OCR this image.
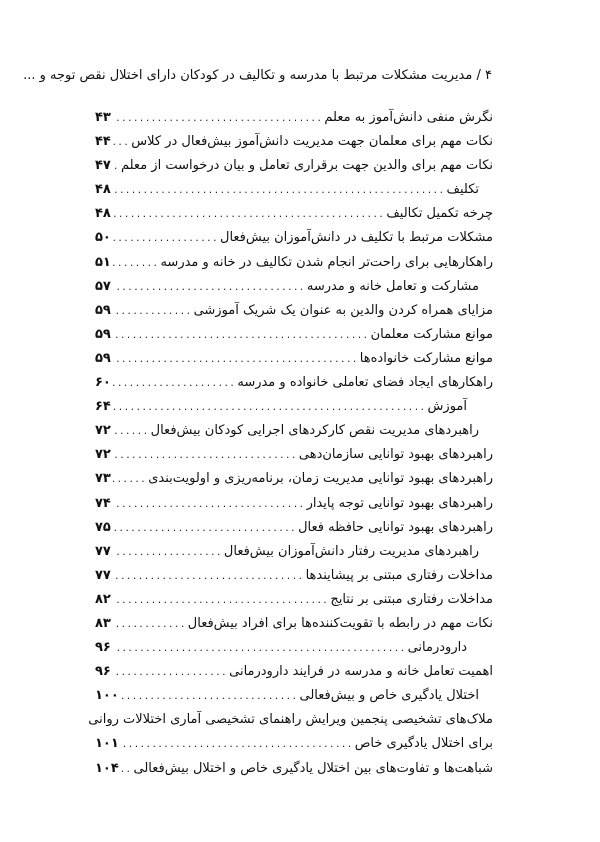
۴ / مدیریت مشکلات مرتبط با مدرسه و تکالیف در کودکان دارای اختلال نقص توجه و ...
نگرش منفی دانش‌آموز به معلم
.....
۴۳
نکات مهم برای معلمان جهت مدیریت دانش‌آموز بیش‌فعال در کلاس
.....
۴۴
نکات مهم برای والدین جهت برقراری تعامل و بیان درخواست از معلم
.....
۴۷
تکلیف
.....
۴۸
چرخه تکمیل تکالیف
.....
۴۸
مشکلات مرتبط با تکلیف در دانش‌آموزان بیش‌فعال
.....
۵۰
راهکارهایی برای راحت‌تر انجام شدن تکالیف در خانه و مدرسه
.....
۵۱
مشارکت و تعامل خانه و مدرسه
.....
۵۷
مزایای همراه کردن والدین به عنوان یک شریک آموزشی
.....
۵۹
موانع مشارکت معلمان
.....
۵۹
موانع مشارکت خانواده‌ها
.....
۵۹
راهکارهای ایجاد فضای تعاملی خانواده و مدرسه
.....
۶۰
آموزش
.....
۶۴
راهبردهای مدیریت نقص کارکردهای اجرایی کودکان بیش‌فعال
.....
۷۲
راهبردهای بهبود توانایی سازمان‌دهی
.....
۷۲
راهبردهای بهبود توانایی مدیریت زمان، برنامه‌ریزی و اولویت‌بندی
.....
۷۳
راهبردهای بهبود توانایی توجه پایدار
.....
۷۴
راهبردهای بهبود توانایی حافظه فعال
.....
۷۵
راهبردهای مدیریت رفتار دانش‌آموزان بیش‌فعال
.....
۷۷
مداخلات رفتاری مبتنی بر پیشایندها
.....
۷۷
مداخلات رفتاری مبتنی بر نتایج
.....
۸۲
نکات مهم در رابطه با تقویت‌کننده‌ها برای افراد بیش‌فعال
.....
۸۳
دارودرمانی
.....
۹۶
اهمیت تعامل خانه و مدرسه در فرایند دارودرمانی
.....
۹۶
اختلال یادگیری خاص و بیش‌فعالی
.....
۱۰۰
ملاک‌های تشخیصی پنجمین ویرایش راهنمای تشخیصی آماری اختلالات روانی
برای اختلال یادگیری خاص
.....
۱۰۱
شباهت‌ها و تفاوت‌های بین اختلال یادگیری خاص و اختلال بیش‌فعالی
.....
۱۰۴
